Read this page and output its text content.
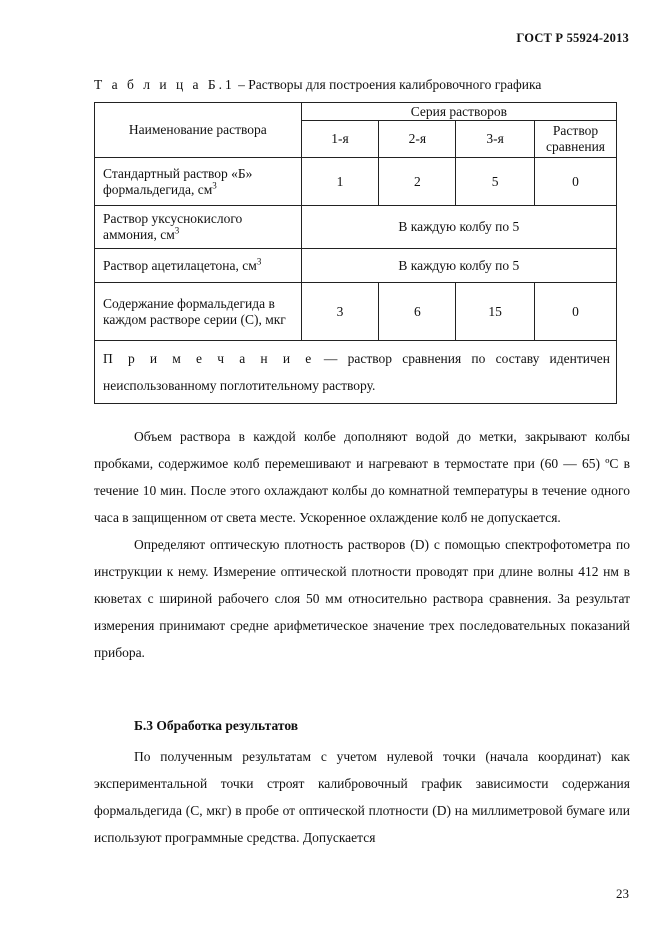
ГОСТ Р 55924-2013
Т а б л и ц а Б.1 – Растворы для построения калибровочного графика
Наименование раствора	Серия растворов			
	1-я	2-я	3-я	Раствор сравнения
Стандартный раствор «Б» формальдегида, $см^3$	1	2	5	0
Раствор уксуснокислого аммония, $см^3$	В каждую колбу по 5			
Раствор ацетилацетона, $см^3$	В каждую колбу по 5			
Содержание формальдегида в каждом растворе серии (С), мкг	3	6	15	0
П р и м е ч а н и е — раствор сравнения по составу идентичен неиспользованному поглотительному раствору.				

Объем раствора в каждой колбе дополняют водой до метки, закрывают колбы пробками, содержимое колб перемешивают и нагревают в термостате при (60 — 65) ºС в течение 10 мин. После этого охлаждают колбы до комнатной температуры в течение одного часа в защищенном от света месте. Ускоренное охлаждение колб не допускается.

Определяют оптическую плотность растворов (D) с помощью спектрофотометра по инструкции к нему. Измерение оптической плотности проводят при длине волны 412 нм в кюветах с шириной рабочего слоя 50 мм относительно раствора сравнения. За результат измерения принимают средне арифметическое значение трех последовательных показаний прибора.

Б.3 Обработка результатов

По полученным результатам с учетом нулевой точки (начала координат) как экспериментальной точки строят калибровочный график зависимости содержания формальдегида (С, мкг) в пробе от оптической плотности (D) на миллиметровой бумаге или используют программные средства. Допускается

23
